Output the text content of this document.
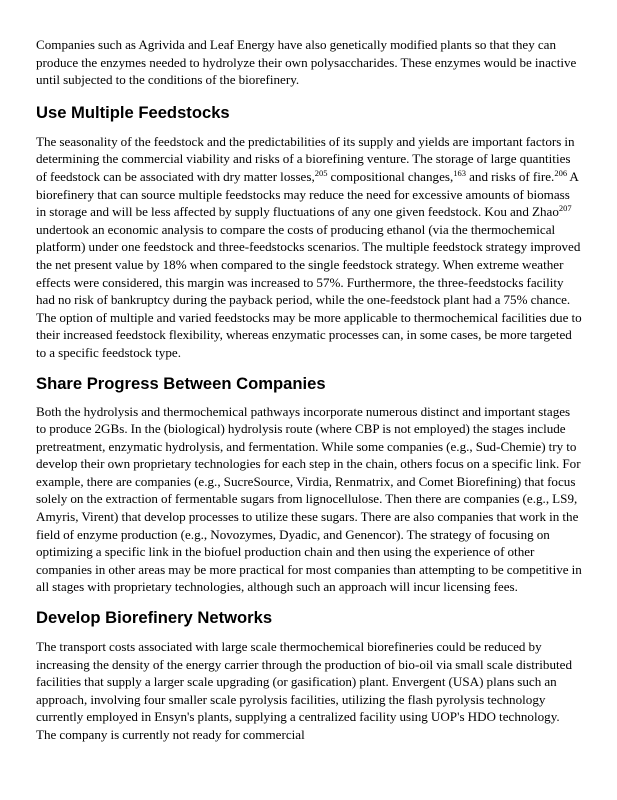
Companies such as Agrivida and Leaf Energy have also genetically modified plants so that they can produce the enzymes needed to hydrolyze their own polysaccharides. These enzymes would be inactive until subjected to the conditions of the biorefinery.

Use Multiple Feedstocks

The seasonality of the feedstock and the predictabilities of its supply and yields are important factors in determining the commercial viability and risks of a biorefining venture. The storage of large quantities of feedstock can be associated with dry matter losses,$^{205}$ compositional changes,$^{163}$ and risks of fire.$^{206}$ A biorefinery that can source multiple feedstocks may reduce the need for excessive amounts of biomass in storage and will be less affected by supply fluctuations of any one given feedstock. Kou and Zhao$^{207}$ undertook an economic analysis to compare the costs of producing ethanol (via the thermochemical platform) under one feedstock and three-feedstocks scenarios. The multiple feedstock strategy improved the net present value by 18% when compared to the single feedstock strategy. When extreme weather effects were considered, this margin was increased to 57%. Furthermore, the three-feedstocks facility had no risk of bankruptcy during the payback period, while the one-feedstock plant had a 75% chance. The option of multiple and varied feedstocks may be more applicable to thermochemical facilities due to their increased feedstock flexibility, whereas enzymatic processes can, in some cases, be more targeted to a specific feedstock type.

Share Progress Between Companies

Both the hydrolysis and thermochemical pathways incorporate numerous distinct and important stages to produce 2GBs. In the (biological) hydrolysis route (where CBP is not employed) the stages include pretreatment, enzymatic hydrolysis, and fermentation. While some companies (e.g., Sud-Chemie) try to develop their own proprietary technologies for each step in the chain, others focus on a specific link. For example, there are companies (e.g., SucreSource, Virdia, Renmatrix, and Comet Biorefining) that focus solely on the extraction of fermentable sugars from lignocellulose. Then there are companies (e.g., LS9, Amyris, Virent) that develop processes to utilize these sugars. There are also companies that work in the field of enzyme production (e.g., Novozymes, Dyadic, and Genencor). The strategy of focusing on optimizing a specific link in the biofuel production chain and then using the experience of other companies in other areas may be more practical for most companies than attempting to be competitive in all stages with proprietary technologies, although such an approach will incur licensing fees.

Develop Biorefinery Networks

The transport costs associated with large scale thermochemical biorefineries could be reduced by increasing the density of the energy carrier through the production of bio-oil via small scale distributed facilities that supply a larger scale upgrading (or gasification) plant. Envergent (USA) plans such an approach, involving four smaller scale pyrolysis facilities, utilizing the flash pyrolysis technology currently employed in Ensyn's plants, supplying a centralized facility using UOP's HDO technology. The company is currently not ready for commercial
